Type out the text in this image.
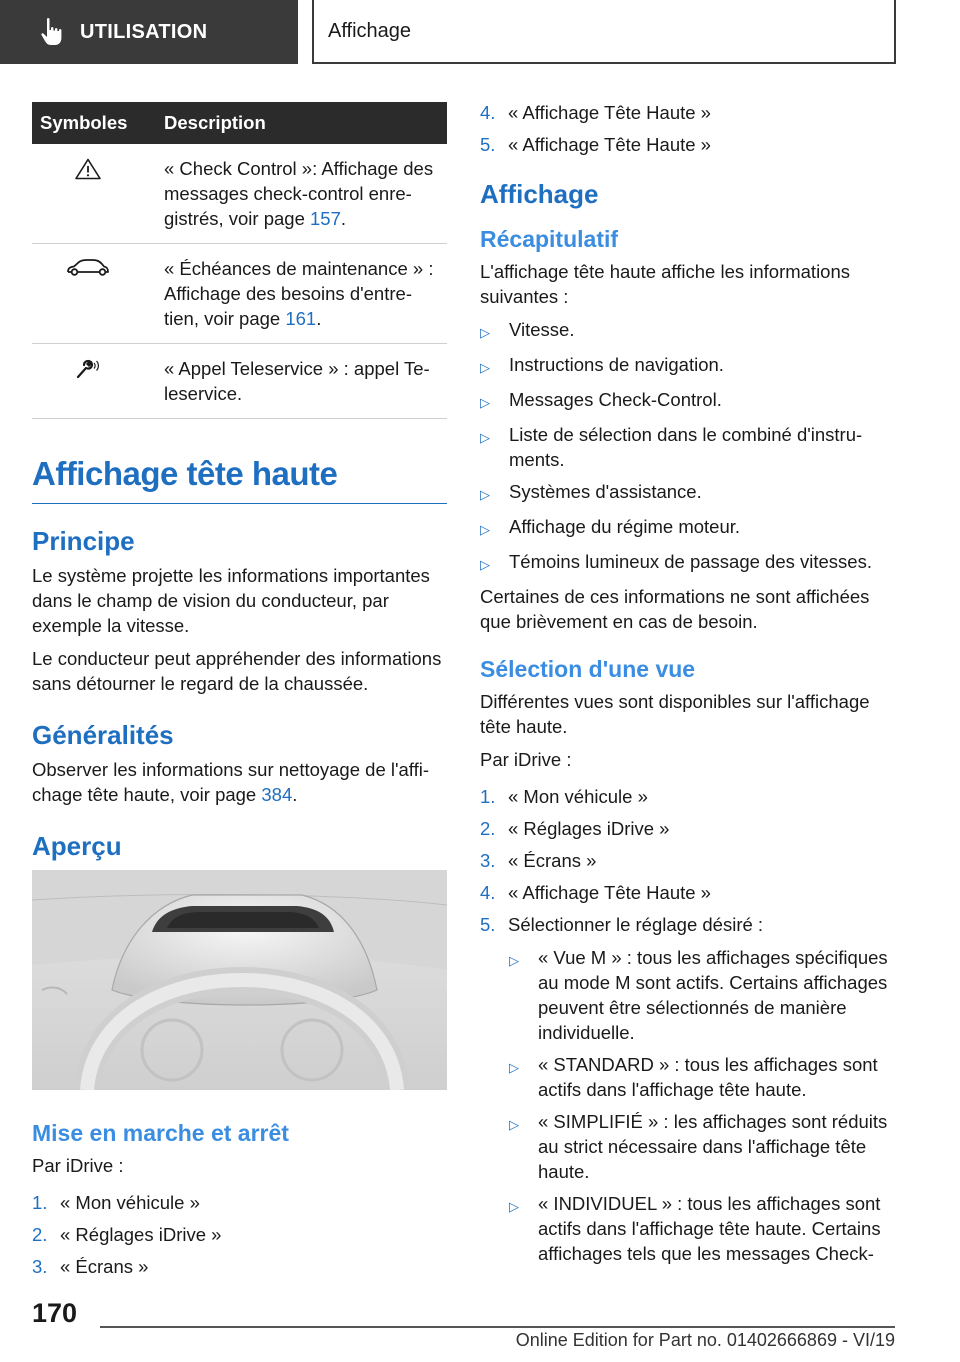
UTILISATION	Affichage
Symboles	Description
	« Check Control »: Affichage des messages check-control enregistrés, voir page 157.
	« Échéances de maintenance » : Affichage des besoins d'entretien, voir page 161.
	« Appel Teleservice » : appel Teleservice.
Affichage tête haute
Principe

Le système projette les informations importantes dans le champ de vision du conducteur, par exemple la vitesse.

Le conducteur peut appréhender des informations sans détourner le regard de la chaussée.

Généralités

Observer les informations sur nettoyage de l'affichage tête haute, voir page 384.

Aperçu
Mise en marche et arrêt

Par iDrive :

1. « Mon véhicule »
2. « Réglages iDrive »
3. « Écrans »
4. « Affichage Tête Haute »
5. « Affichage Tête Haute »
Affichage
Récapitulatif

L'affichage tête haute affiche les informations suivantes :

▷	Vitesse.
▷	Instructions de navigation.
▷	Messages Check-Control.
▷	Liste de sélection dans le combiné d'instruments.
▷	Systèmes d'assistance.
▷	Affichage du régime moteur.
▷	Témoins lumineux de passage des vitesses.

Certaines de ces informations ne sont affichées que brièvement en cas de besoin.

Sélection d'une vue

Différentes vues sont disponibles sur l'affichage tête haute.

Par iDrive :

1. « Mon véhicule »
2. « Réglages iDrive »
3. « Écrans »
4. « Affichage Tête Haute »
5. Sélectionner le réglage désiré :
▷	« Vue M » : tous les affichages spécifiques au mode M sont actifs. Certains affichages peuvent être sélectionnés de manière individuelle.
▷	« STANDARD » : tous les affichages sont actifs dans l'affichage tête haute.
▷	« SIMPLIFIÉ » : les affichages sont réduits au strict nécessaire dans l'affichage tête haute.
▷	« INDIVIDUEL » : tous les affichages sont actifs dans l'affichage tête haute. Certains affichages tels que les messages Check-
170
Online Edition for Part no. 01402666869 - VI/19
